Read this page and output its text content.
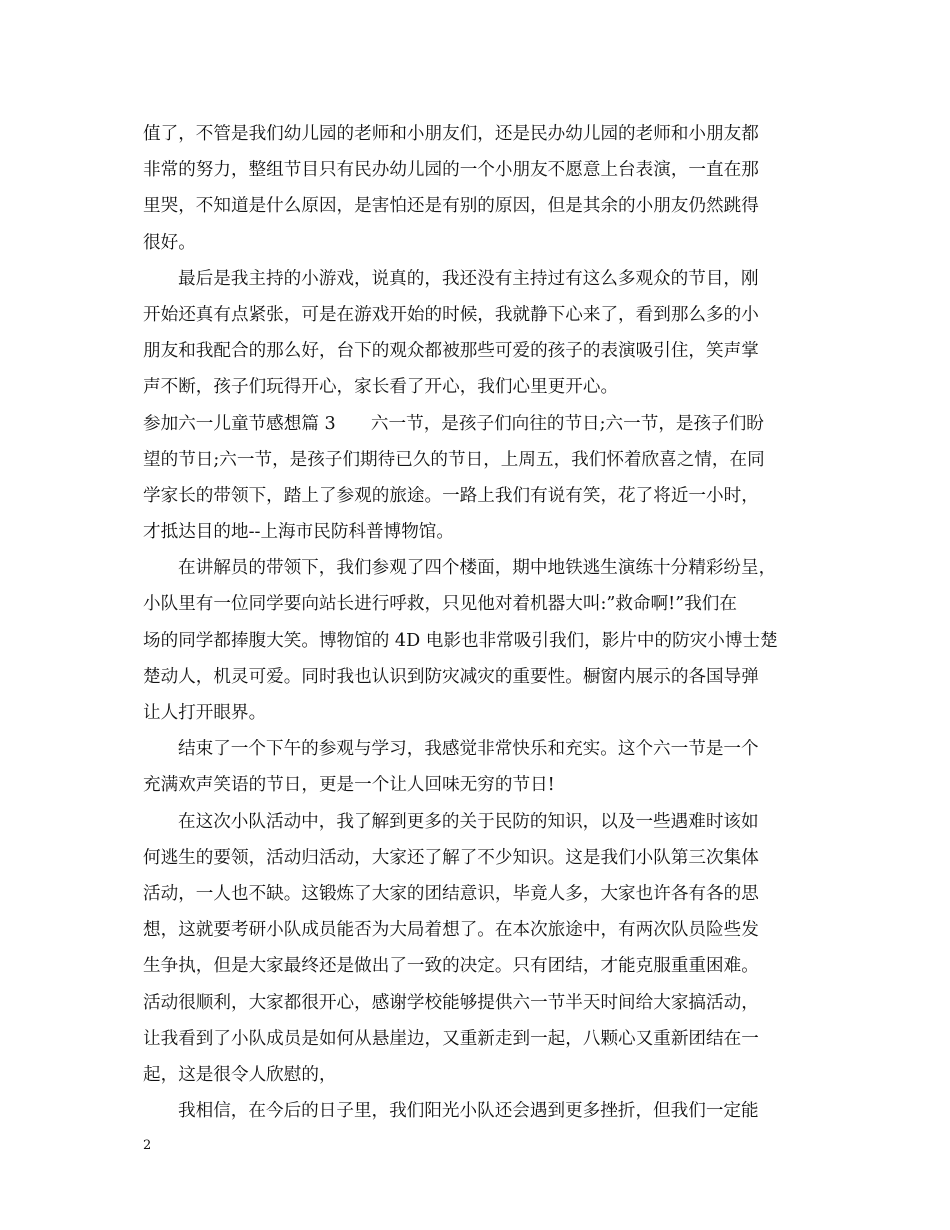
值了，不管是我们幼儿园的老师和小朋友们，还是民办幼儿园的老师和小朋友都
非常的努力，整组节目只有民办幼儿园的一个小朋友不愿意上台表演，一直在那
里哭，不知道是什么原因，是害怕还是有别的原因，但是其余的小朋友仍然跳得
很好。
最后是我主持的小游戏，说真的，我还没有主持过有这么多观众的节目，刚
开始还真有点紧张，可是在游戏开始的时候，我就静下心来了，看到那么多的小
朋友和我配合的那么好，台下的观众都被那些可爱的孩子的表演吸引住，笑声掌
声不断，孩子们玩得开心，家长看了开心，我们心里更开心。
参加六一儿童节感想篇 3　　六一节，是孩子们向往的节日;六一节，是孩子们盼
望的节日;六一节，是孩子们期待已久的节日，上周五，我们怀着欣喜之情，在同
学家长的带领下，踏上了参观的旅途。一路上我们有说有笑，花了将近一小时，
才抵达目的地--上海市民防科普博物馆。
在讲解员的带领下，我们参观了四个楼面，期中地铁逃生演练十分精彩纷呈，
小队里有一位同学要向站长进行呼救，只见他对着机器大叫:”救命啊!”我们在
场的同学都捧腹大笑。博物馆的 4D 电影也非常吸引我们，影片中的防灾小博士楚
楚动人，机灵可爱。同时我也认识到防灾减灾的重要性。橱窗内展示的各国导弹
让人打开眼界。
结束了一个下午的参观与学习，我感觉非常快乐和充实。这个六一节是一个
充满欢声笑语的节日，更是一个让人回味无穷的节日!
在这次小队活动中，我了解到更多的关于民防的知识，以及一些遇难时该如
何逃生的要领，活动归活动，大家还了解了不少知识。这是我们小队第三次集体
活动，一人也不缺。这锻炼了大家的团结意识，毕竟人多，大家也许各有各的思
想，这就要考研小队成员能否为大局着想了。在本次旅途中，有两次队员险些发
生争执，但是大家最终还是做出了一致的决定。只有团结，才能克服重重困难。
活动很顺利，大家都很开心，感谢学校能够提供六一节半天时间给大家搞活动，
让我看到了小队成员是如何从悬崖边，又重新走到一起，八颗心又重新团结在一
起，这是很令人欣慰的，
我相信，在今后的日子里，我们阳光小队还会遇到更多挫折，但我们一定能
2
